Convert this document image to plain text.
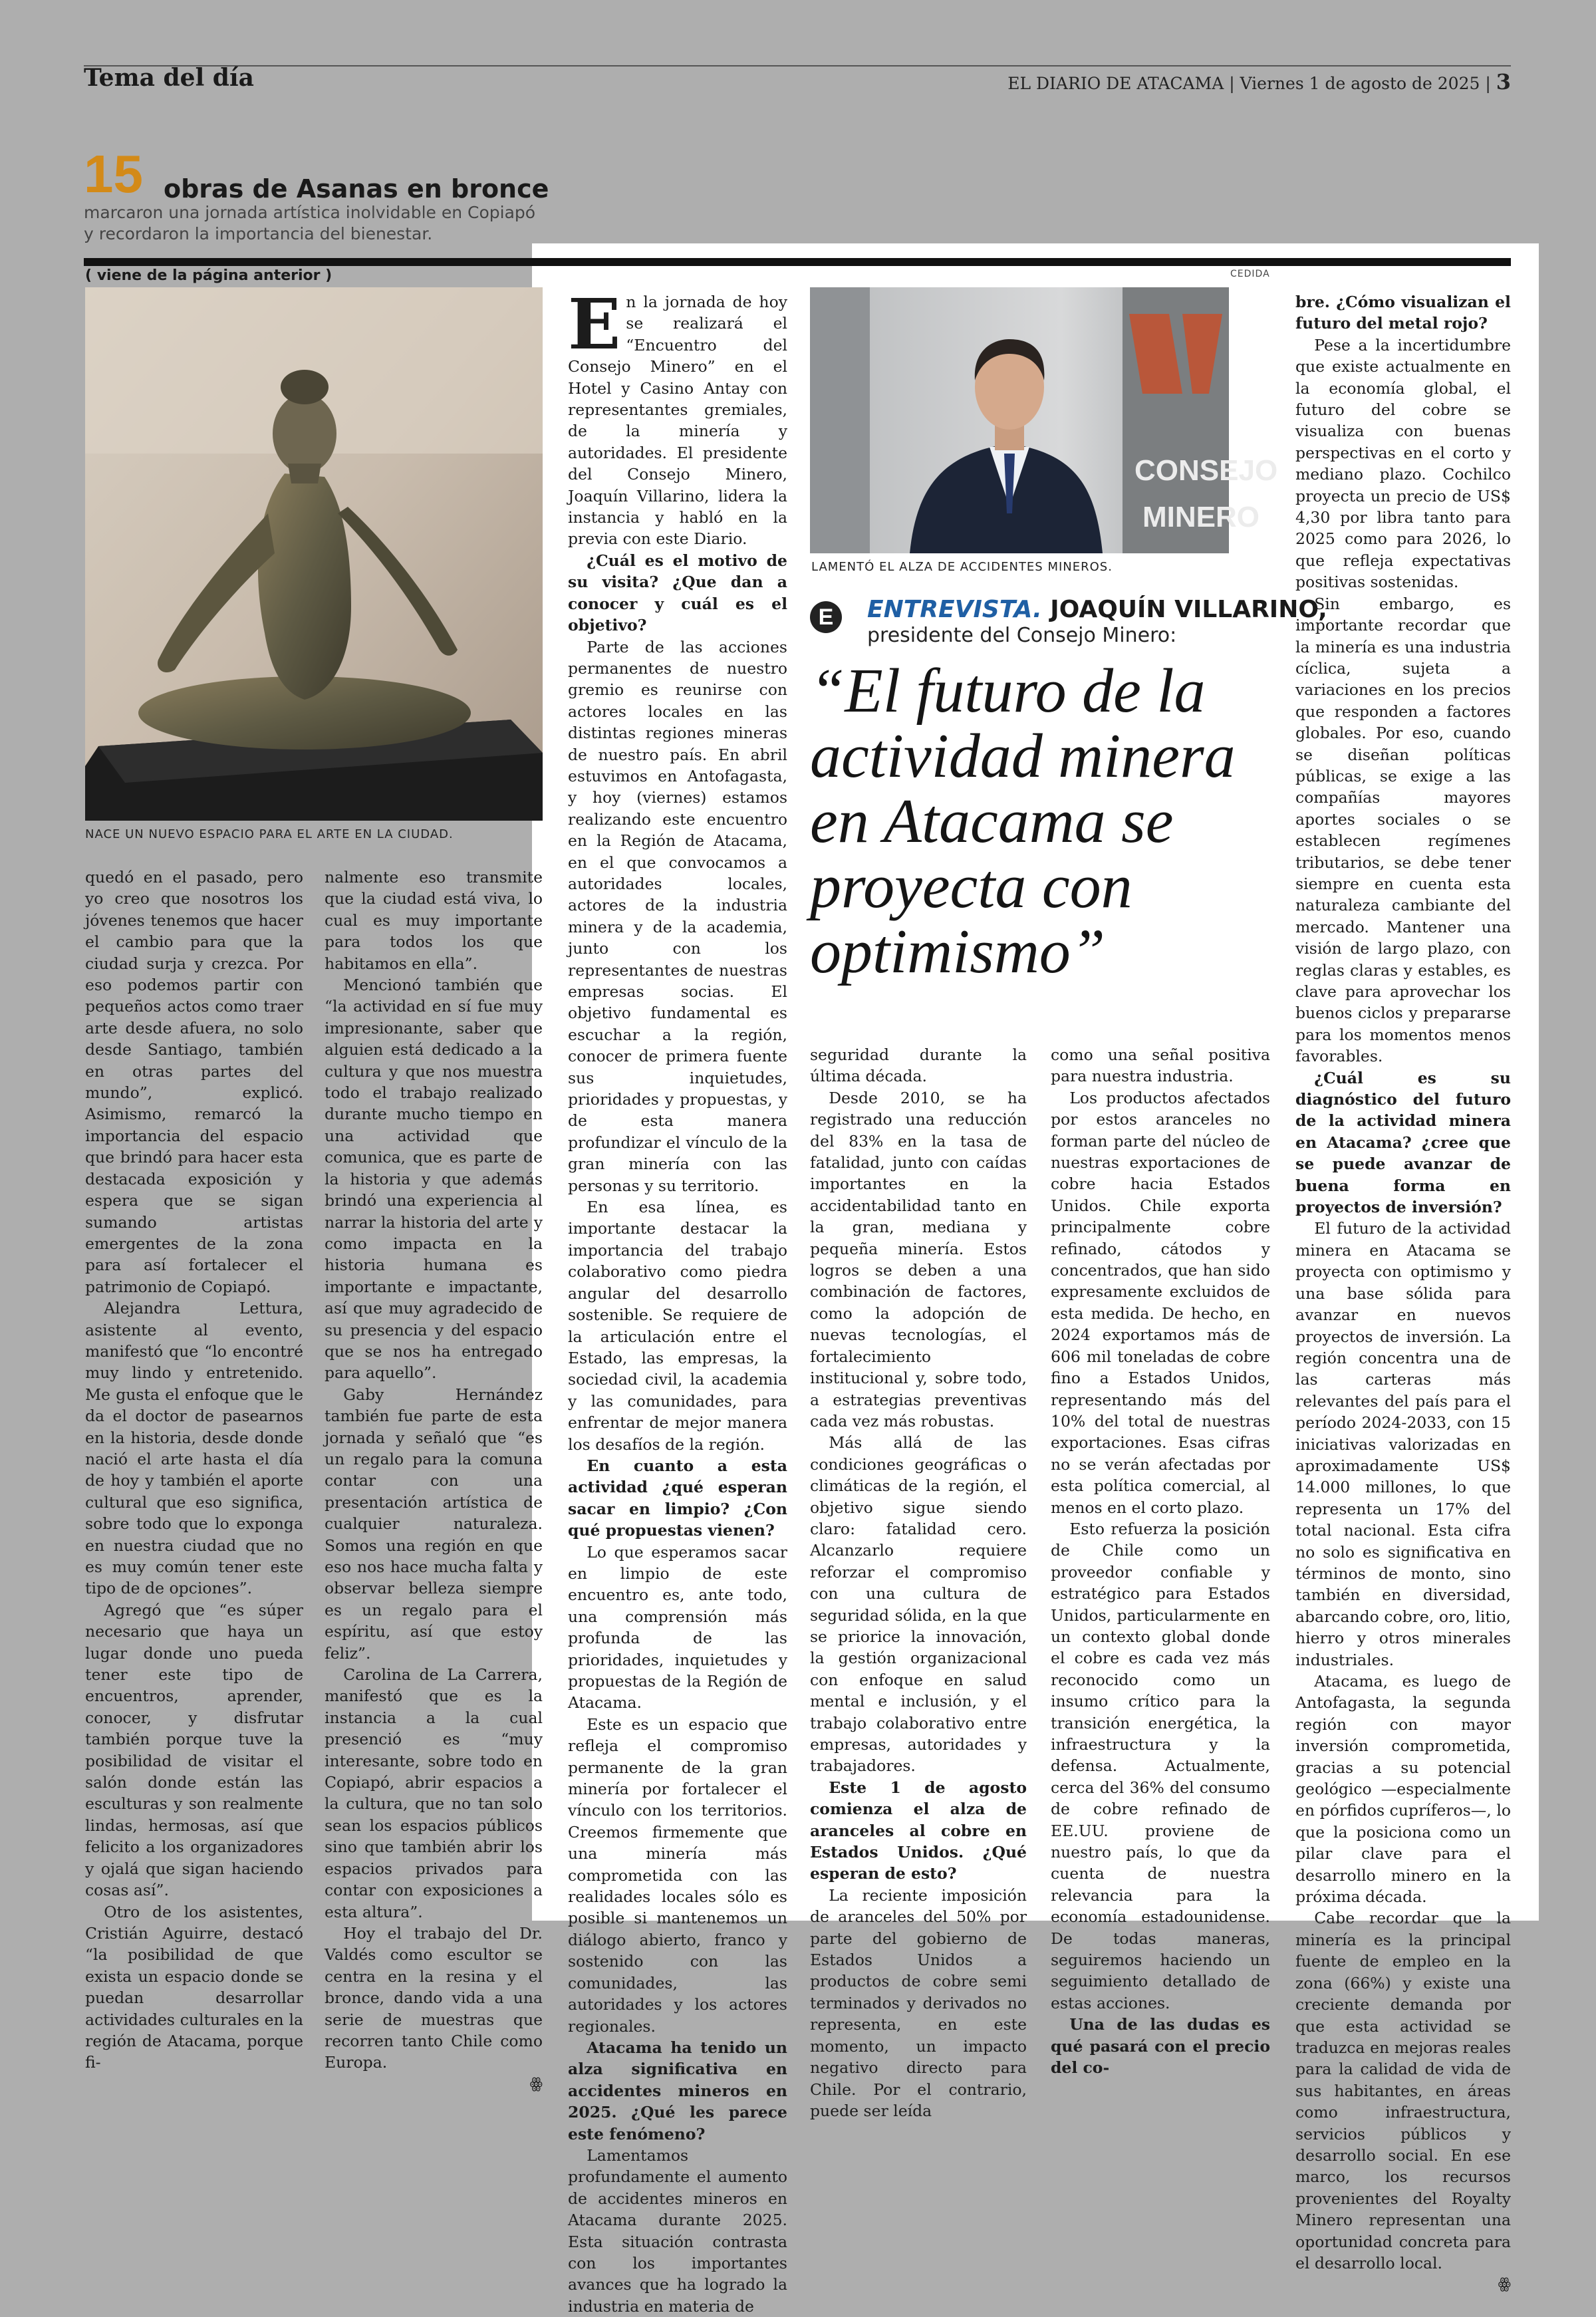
Tema del día	EL DIARIO DE ATACAMA | Viernes 1 de agosto de 2025 | 3
15 obras de Asanas en bronce
marcaron una jornada artística inolvidable en Copiapó y recordaron la importancia del bienestar.
( viene de la página anterior )	CEDIDA
NACE UN NUEVO ESPACIO PARA EL ARTE EN LA CIUDAD.
CONSEJO
MINERO
LAMENTÓ EL ALZA DE ACCIDENTES MINEROS.

quedó en el pasado, pero yo creo que nosotros los jóvenes tenemos que hacer el cambio para que la ciudad surja y crezca. Por eso podemos partir con pequeños actos como traer arte desde afuera, no solo desde Santiago, también en otras partes del mundo”, explicó. Asimismo, remarcó la importancia del espacio que brindó para hacer esta destacada exposición y espera que se sigan sumando artistas emergentes de la zona para así fortalecer el patrimonio de Copiapó.

Alejandra Lettura, asistente al evento, manifestó que “lo encontré muy lindo y entretenido. Me gusta el enfoque que le da el doctor de pasearnos en la historia, desde donde nació el arte hasta el día de hoy y también el aporte cultural que eso significa, sobre todo que lo exponga en nuestra ciudad que no es muy común tener este tipo de de opciones”.

Agregó que “es súper necesario que haya un lugar donde uno pueda tener este tipo de encuentros, aprender, conocer, y disfrutar también porque tuve la posibilidad de visitar el salón donde están las esculturas y son realmente lindas, hermosas, así que felicito a los organizadores y ojalá que sigan haciendo cosas así”.

Otro de los asistentes, Cristián Aguirre, destacó “la posibilidad de que exista un espacio donde se puedan desarrollar actividades culturales en la región de Atacama, porque fi-

nalmente eso transmite que la ciudad está viva, lo cual es muy importante para todos los que habitamos en ella”.

Mencionó también que “la actividad en sí fue muy impresionante, saber que alguien está dedicado a la cultura y que nos muestra todo el trabajo realizado durante mucho tiempo en una actividad que comunica, que es parte de la historia y que además brindó una experiencia al narrar la historia del arte y como impacta en la historia humana es importante e impactante, así que muy agradecido de su presencia y del espacio que se nos ha entregado para aquello”.

Gaby Hernández también fue parte de esta jornada y señaló que “es un regalo para la comuna contar con una presentación artística de cualquier naturaleza. Somos una región en que eso nos hace mucha falta y observar belleza siempre es un regalo para el espíritu, así que estoy feliz”.

Carolina de La Carrera, manifestó que es la instancia a la cual presenció es “muy interesante, sobre todo en Copiapó, abrir espacios a la cultura, que no tan solo sean los espacios públicos sino que también abrir los espacios privados para contar con exposiciones a esta altura”.

Hoy el trabajo del Dr. Valdés como escultor se centra en la resina y el bronce, dando vida a una serie de muestras que recorren tanto Chile como Europa.

ꙮ

En la jornada de hoy se realizará el “Encuentro del Consejo Minero” en el Hotel y Casino Antay con representantes gremiales, de la minería y autoridades. El presidente del Consejo Minero, Joaquín Villarino, lidera la instancia y habló en la previa con este Diario.

¿Cuál es el motivo de su visita? ¿Que dan a conocer y cuál es el objetivo?

Parte de las acciones permanentes de nuestro gremio es reunirse con actores locales en las distintas regiones mineras de nuestro país. En abril estuvimos en Antofagasta, y hoy (viernes) estamos realizando este encuentro en la Región de Atacama, en el que convocamos a autoridades locales, actores de la industria minera y de la academia, junto con los representantes de nuestras empresas socias. El objetivo fundamental es escuchar a la región, conocer de primera fuente sus inquietudes, prioridades y propuestas, y de esta manera profundizar el vínculo de la gran minería con las personas y su territorio.

En esa línea, es importante destacar la importancia del trabajo colaborativo como piedra angular del desarrollo sostenible. Se requiere de la articulación entre el Estado, las empresas, la sociedad civil, la academia y las comunidades, para enfrentar de mejor manera los desafíos de la región.

En cuanto a esta actividad ¿qué esperan sacar en limpio? ¿Con qué propuestas vienen?

Lo que esperamos sacar en limpio de este encuentro es, ante todo, una comprensión más profunda de las prioridades, inquietudes y propuestas de la Región de Atacama.

Este es un espacio que refleja el compromiso permanente de la gran minería por fortalecer el vínculo con los territorios. Creemos firmemente que una minería más comprometida con las realidades locales sólo es posible si mantenemos un diálogo abierto, franco y sostenido con las comunidades, las autoridades y los actores regionales.

Atacama ha tenido un alza significativa en accidentes mineros en 2025. ¿Qué les parece este fenómeno?

Lamentamos profundamente el aumento de accidentes mineros en Atacama durante 2025. Esta situación contrasta con los importantes avances que ha logrado la industria en materia de

E	ENTREVISTA. JOAQUÍN VILLARINO,
presidente del Consejo Minero:
“El futuro de la actividad minera en Atacama se proyecta con optimismo”

seguridad durante la última década.

Desde 2010, se ha registrado una reducción del 83% en la tasa de fatalidad, junto con caídas importantes en la accidentabilidad tanto en la gran, mediana y pequeña minería. Estos logros se deben a una combinación de factores, como la adopción de nuevas tecnologías, el fortalecimiento institucional y, sobre todo, a estrategias preventivas cada vez más robustas.

Más allá de las condiciones geográficas o climáticas de la región, el objetivo sigue siendo claro: fatalidad cero. Alcanzarlo requiere reforzar el compromiso con una cultura de seguridad sólida, en la que se priorice la innovación, la gestión organizacional con enfoque en salud mental e inclusión, y el trabajo colaborativo entre empresas, autoridades y trabajadores.

Este 1 de agosto comienza el alza de aranceles al cobre en Estados Unidos. ¿Qué esperan de esto?

La reciente imposición de aranceles del 50% por parte del gobierno de Estados Unidos a productos de cobre semi terminados y derivados no representa, en este momento, un impacto negativo directo para Chile. Por el contrario, puede ser leída

como una señal positiva para nuestra industria.

Los productos afectados por estos aranceles no forman parte del núcleo de nuestras exportaciones de cobre hacia Estados Unidos. Chile exporta principalmente cobre refinado, cátodos y concentrados, que han sido expresamente excluidos de esta medida. De hecho, en 2024 exportamos más de 606 mil toneladas de cobre fino a Estados Unidos, representando más del 10% del total de nuestras exportaciones. Esas cifras no se verán afectadas por esta política comercial, al menos en el corto plazo.

Esto refuerza la posición de Chile como un proveedor confiable y estratégico para Estados Unidos, particularmente en un contexto global donde el cobre es cada vez más reconocido como un insumo crítico para la transición energética, la infraestructura y la defensa. Actualmente, cerca del 36% del consumo de cobre refinado de EE.UU. proviene de nuestro país, lo que da cuenta de nuestra relevancia para la economía estadounidense. De todas maneras, seguiremos haciendo un seguimiento detallado de estas acciones.

Una de las dudas es qué pasará con el precio del co-

bre. ¿Cómo visualizan el futuro del metal rojo?

Pese a la incertidumbre que existe actualmente en la economía global, el futuro del cobre se visualiza con buenas perspectivas en el corto y mediano plazo. Cochilco proyecta un precio de US$ 4,30 por libra tanto para 2025 como para 2026, lo que refleja expectativas positivas sostenidas.

Sin embargo, es importante recordar que la minería es una industria cíclica, sujeta a variaciones en los precios que responden a factores globales. Por eso, cuando se diseñan políticas públicas, se exige a las compañías mayores aportes sociales o se establecen regímenes tributarios, se debe tener siempre en cuenta esta naturaleza cambiante del mercado. Mantener una visión de largo plazo, con reglas claras y estables, es clave para aprovechar los buenos ciclos y prepararse para los momentos menos favorables.

¿Cuál es su diagnóstico del futuro de la actividad minera en Atacama? ¿cree que se puede avanzar de buena forma en proyectos de inversión?

El futuro de la actividad minera en Atacama se proyecta con optimismo y una base sólida para avanzar en nuevos proyectos de inversión. La región concentra una de las carteras más relevantes del país para el período 2024-2033, con 15 iniciativas valorizadas en aproximadamente US$ 14.000 millones, lo que representa un 17% del total nacional. Esta cifra no solo es significativa en términos de monto, sino también en diversidad, abarcando cobre, oro, litio, hierro y otros minerales industriales.

Atacama, es luego de Antofagasta, la segunda región con mayor inversión comprometida, gracias a su potencial geológico —especialmente en pórfidos cupríferos—, lo que la posiciona como un pilar clave para el desarrollo minero en la próxima década.

Cabe recordar que la minería es la principal fuente de empleo en la zona (66%) y existe una creciente demanda por que esta actividad se traduzca en mejoras reales para la calidad de vida de sus habitantes, en áreas como infraestructura, servicios públicos y desarrollo social. En ese marco, los recursos provenientes del Royalty Minero representan una oportunidad concreta para el desarrollo local.

ꙮ
